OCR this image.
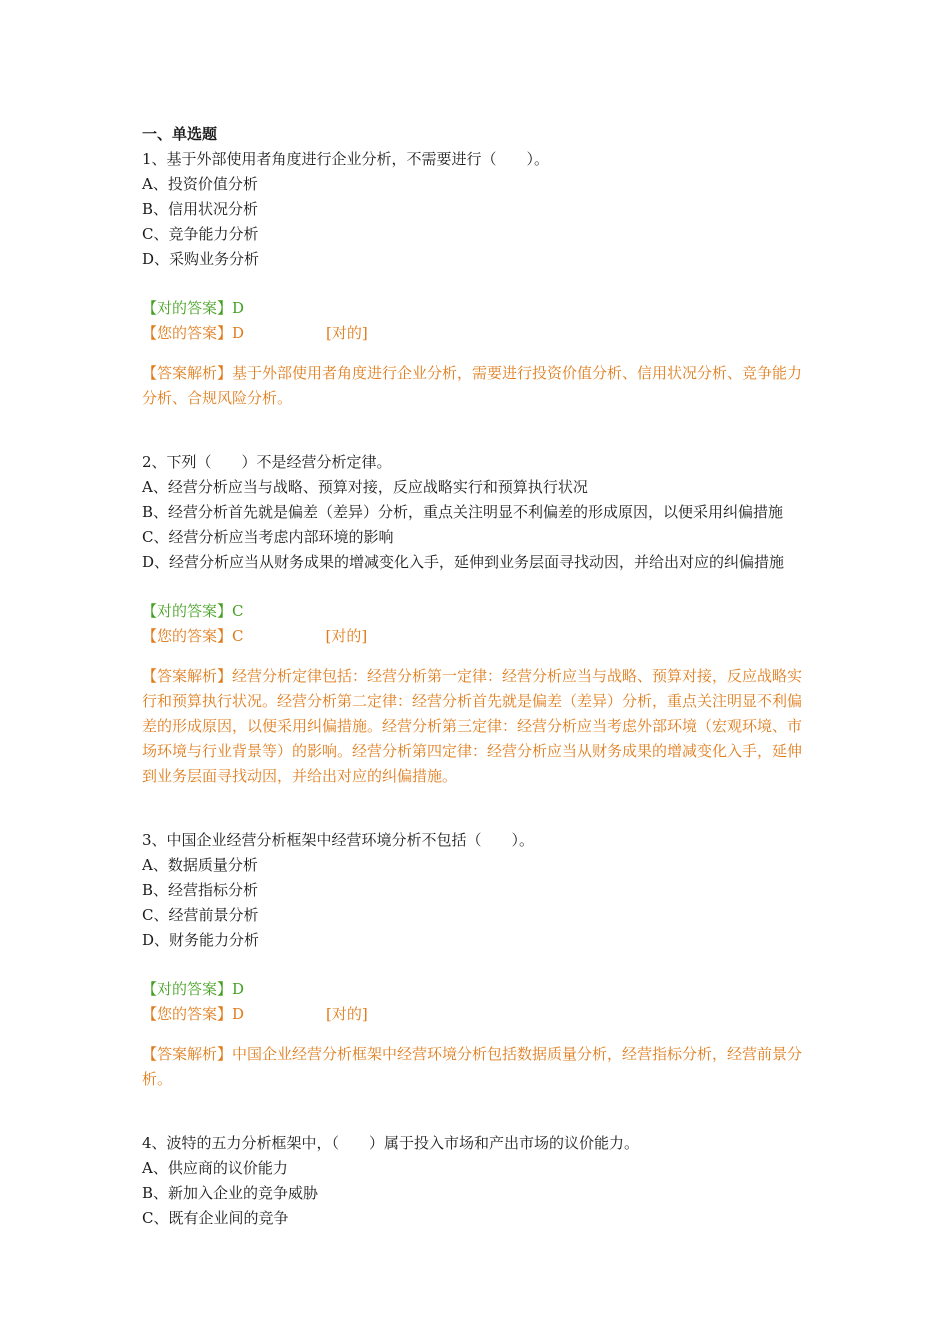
一、单选题

1、基于外部使用者角度进行企业分析，不需要进行（　　）。

A、投资价值分析

B、信用状况分析

C、竞争能力分析

D、采购业务分析

【对的答案】D

【您的答案】D	[对的]

【答案解析】基于外部使用者角度进行企业分析，需要进行投资价值分析、信用状况分析、竞争能力分析、合规风险分析。

2、下列（　　）不是经营分析定律。

A、经营分析应当与战略、预算对接，反应战略实行和预算执行状况

B、经营分析首先就是偏差（差异）分析，重点关注明显不利偏差的形成原因，以便采用纠偏措施

C、经营分析应当考虑内部环境的影响

D、经营分析应当从财务成果的增减变化入手，延伸到业务层面寻找动因，并给出对应的纠偏措施

【对的答案】C

【您的答案】C	[对的]

【答案解析】经营分析定律包括：经营分析第一定律：经营分析应当与战略、预算对接，反应战略实行和预算执行状况。经营分析第二定律：经营分析首先就是偏差（差异）分析，重点关注明显不利偏差的形成原因，以便采用纠偏措施。经营分析第三定律：经营分析应当考虑外部环境（宏观环境、市场环境与行业背景等）的影响。经营分析第四定律：经营分析应当从财务成果的增减变化入手，延伸到业务层面寻找动因，并给出对应的纠偏措施。

3、中国企业经营分析框架中经营环境分析不包括（　　）。

A、数据质量分析

B、经营指标分析

C、经营前景分析

D、财务能力分析

【对的答案】D

【您的答案】D	[对的]

【答案解析】中国企业经营分析框架中经营环境分析包括数据质量分析，经营指标分析，经营前景分析。

4、波特的五力分析框架中，（　　）属于投入市场和产出市场的议价能力。

A、供应商的议价能力

B、新加入企业的竞争威胁

C、既有企业间的竞争
